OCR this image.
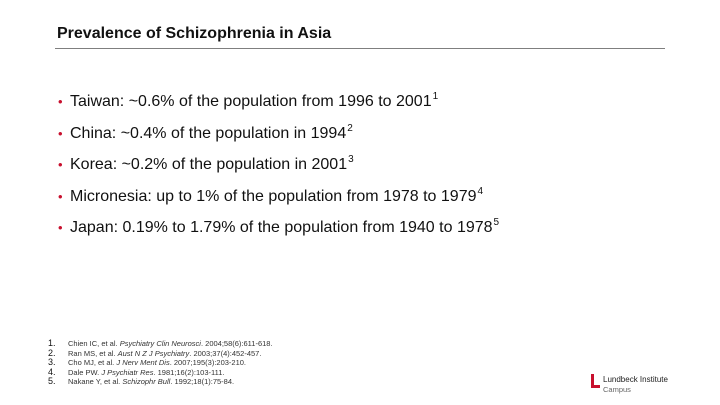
Prevalence of Schizophrenia in Asia
• Taiwan: ~0.6% of the population from 1996 to 2001$^1$
• China: ~0.4% of the population in 1994$^2$
• Korea: ~0.2% of the population in 2001$^3$
• Micronesia: up to 1% of the population from 1978 to 1979$^4$
• Japan: 0.19% to 1.79% of the population from 1940 to 1978$^5$
1. Chien IC, et al. Psychiatry Clin Neurosci. 2004;58(6):611-618.
2. Ran MS, et al. Aust N Z J Psychiatry. 2003;37(4):452-457.
3. Cho MJ, et al. J Nerv Ment Dis. 2007;195(3):203-210.
4. Dale PW. J Psychiatr Res. 1981;16(2):103-111.
5. Nakane Y, et al. Schizophr Bull. 1992;18(1):75-84.	Lundbeck Institute
Campus
